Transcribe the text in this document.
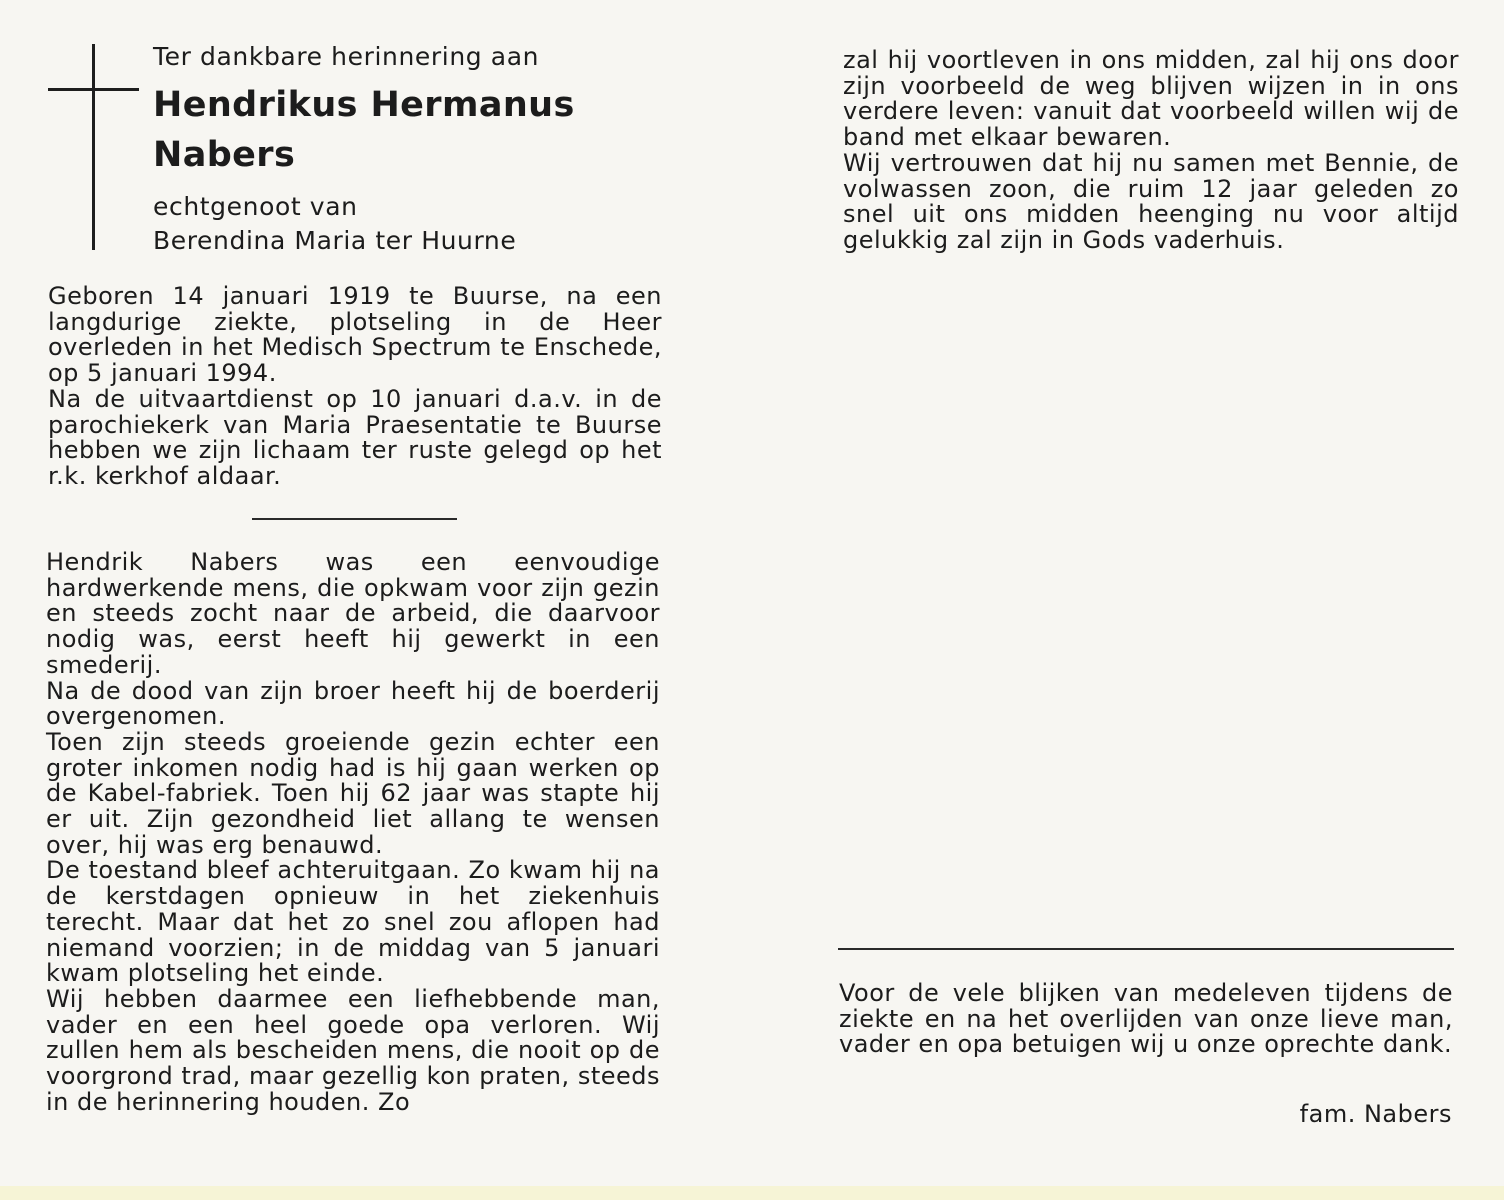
Ter dankbare herinnering aan
Hendrikus Hermanus
Nabers
echtgenoot van
Berendina Maria ter Huurne

Geboren 14 januari 1919 te Buurse, na een langdurige ziekte, plotseling in de Heer overleden in het Medisch Spectrum te Enschede, op 5 januari 1994.

Na de uitvaartdienst op 10 januari d.a.v. in de parochiekerk van Maria Praesentatie te Buurse hebben we zijn lichaam ter ruste gelegd op het r.k. kerkhof aldaar.

Hendrik Nabers was een eenvoudige hardwerkende mens, die opkwam voor zijn gezin en steeds zocht naar de arbeid, die daarvoor nodig was, eerst heeft hij gewerkt in een smederij.

Na de dood van zijn broer heeft hij de boerderij overgenomen.

Toen zijn steeds groeiende gezin echter een groter inkomen nodig had is hij gaan werken op de Kabel-fabriek. Toen hij 62 jaar was stapte hij er uit. Zijn gezondheid liet allang te wensen over, hij was erg benauwd.

De toestand bleef achteruitgaan. Zo kwam hij na de kerstdagen opnieuw in het ziekenhuis terecht. Maar dat het zo snel zou aflopen had niemand voorzien; in de middag van 5 januari kwam plotseling het einde.

Wij hebben daarmee een liefhebbende man, vader en een heel goede opa verloren. Wij zullen hem als bescheiden mens, die nooit op de voorgrond trad, maar gezellig kon praten, steeds in de herinnering houden. Zo

zal hij voortleven in ons midden, zal hij ons door zijn voorbeeld de weg blijven wijzen in in ons verdere leven: vanuit dat voorbeeld willen wij de band met elkaar bewaren.

Wij vertrouwen dat hij nu samen met Bennie, de volwassen zoon, die ruim 12 jaar geleden zo snel uit ons midden heenging nu voor altijd gelukkig zal zijn in Gods vaderhuis.

Voor de vele blijken van medeleven tijdens de ziekte en na het overlijden van onze lieve man, vader en opa betuigen wij u onze oprechte dank.

fam. Nabers
